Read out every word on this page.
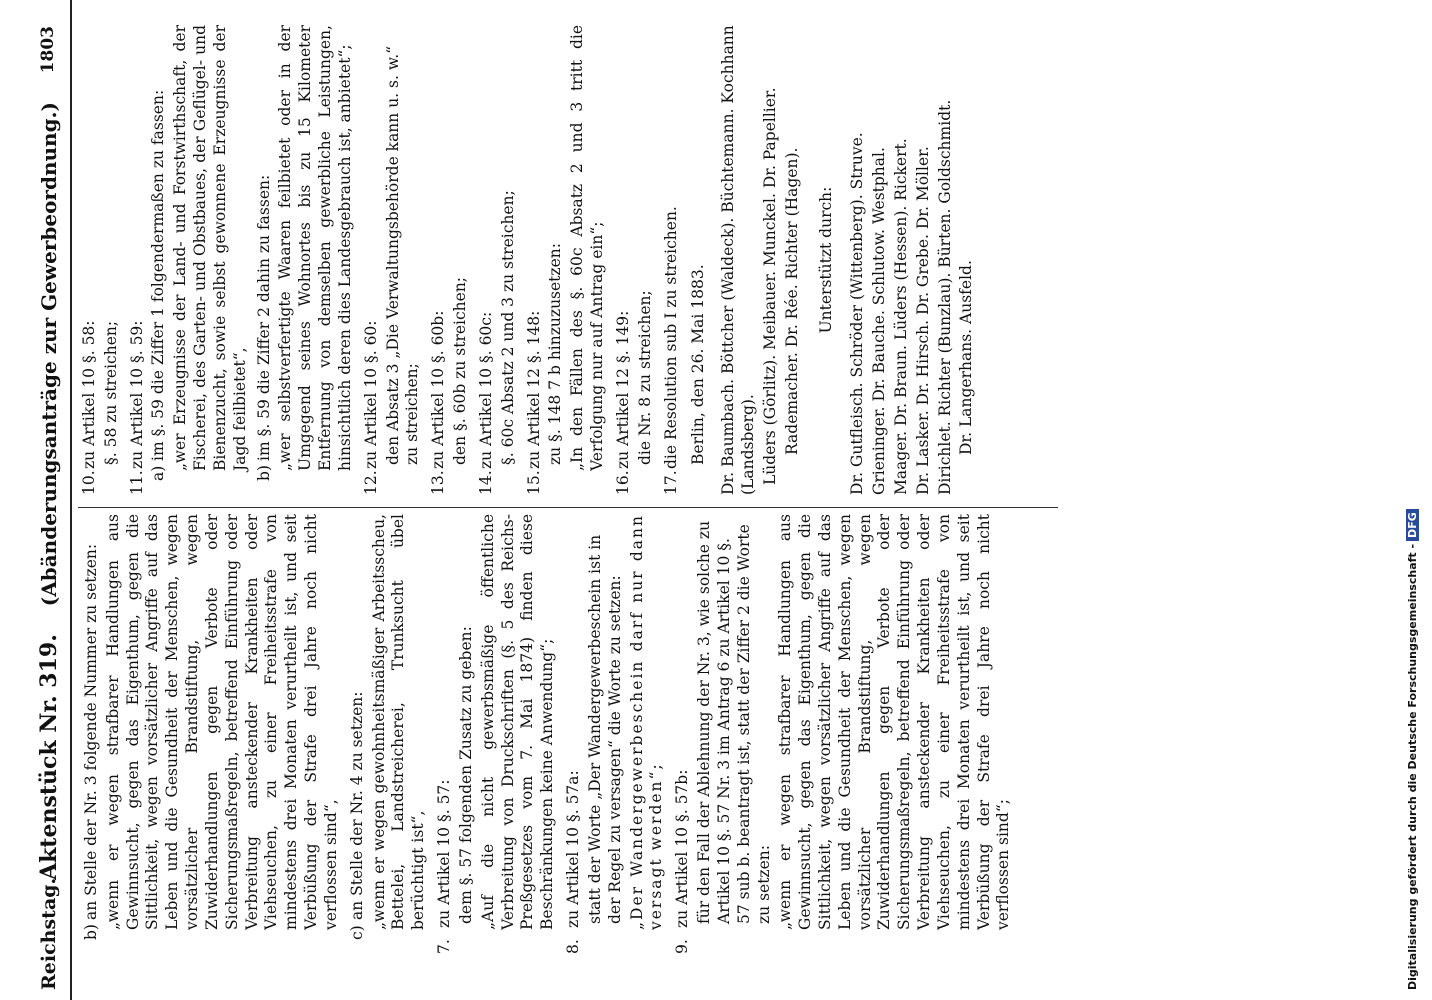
Reichstag.
Aktenstück Nr. 319.    (Abänderungsanträge zur Gewerbeordnung.)
1803
b)an Stelle der Nr. 3 folgende Nummer zu setzen: „wenn er wegen strafbarer Handlungen aus Gewinnsucht, gegen das Eigenthum, gegen die Sittlichkeit, wegen vorsätzlicher Angriffe auf das Leben und die Gesundheit der Menschen, wegen vorsätzlicher Brandstiftung, wegen Zuwiderhandlungen gegen Verbote oder Sicherungsmaßregeln, betreffend Einführung oder Verbreitung ansteckender Krankheiten oder Viehseuchen, zu einer Freiheitsstrafe von mindestens drei Monaten verurtheilt ist, und seit Verbüßung der Strafe drei Jahre noch nicht verflossen sind“,
c)an Stelle der Nr. 4 zu setzen: „wenn er wegen gewohnheitsmäßiger Arbeitsscheu, Bettelei, Landstreicherei, Trunksucht übel berüchtigt ist“,
7.zu Artikel 10 §. 57: dem §. 57 folgenden Zusatz zu geben: „Auf die nicht gewerbsmäßige öffentliche Verbreitung von Druckschriften (§. 5 des Reichs-Preßgesetzes vom 7. Mai 1874) finden diese Beschränkungen keine Anwendung“;
8.zu Artikel 10 §. 57a: statt der Worte „Der Wandergewerbeschein ist in der Regel zu versagen“ die Worte zu setzen: „Der Wandergewerbeschein darf nur dann versagt werden“;
9.zu Artikel 10 §. 57b: für den Fall der Ablehnung der Nr. 3, wie solche zu Artikel 10 §. 57 Nr. 3 im Antrag 6 zu Artikel 10 §. 57 sub b. beantragt ist, statt der Ziffer 2 die Worte zu setzen: „wenn er wegen strafbarer Handlungen aus Gewinnsucht, gegen das Eigenthum, gegen die Sittlichkeit, wegen vorsätzlicher Angriffe auf das Leben und die Gesundheit der Menschen, wegen vorsätzlicher Brandstiftung, wegen Zuwiderhandlungen gegen Verbote oder Sicherungsmaßregeln, betreffend Einführung oder Verbreitung ansteckender Krankheiten oder Viehseuchen, zu einer Freiheitsstrafe von mindestens drei Monaten verurtheilt ist, und seit Verbüßung der Strafe drei Jahre noch nicht verflossen sind“;
10.zu Artikel 10 §. 58: §. 58 zu streichen;
11.zu Artikel 10 §. 59:
a)im §. 59 die Ziffer 1 folgendermaßen zu fassen: „wer Erzeugnisse der Land- und Forstwirthschaft, der Fischerei, des Garten- und Obstbaues, der Geflügel- und Bienenzucht, sowie selbst gewonnene Erzeugnisse der Jagd feilbietet“,
b)im §. 59 die Ziffer 2 dahin zu fassen: „wer selbstverfertigte Waaren feilbietet oder in der Umgegend seines Wohnortes bis zu 15 Kilometer Entfernung von demselben gewerbliche Leistungen, hinsichtlich deren dies Landesgebrauch ist, anbietet“;
12.zu Artikel 10 §. 60: den Absatz 3 „Die Verwaltungsbehörde kann u. s. w.“ zu streichen;
13.zu Artikel 10 §. 60b: den §. 60b zu streichen;
14.zu Artikel 10 §. 60c: §. 60c Absatz 2 und 3 zu streichen;
15.zu Artikel 12 §. 148: zu §. 148 7 b hinzuzusetzen: „In den Fällen des §. 60c Absatz 2 und 3 tritt die Verfolgung nur auf Antrag ein“;
16.zu Artikel 12 §. 149: die Nr. 8 zu streichen;
17.die Resolution sub I zu streichen. Berlin, den 26. Mai 1883. Dr. Baumbach. Böttcher (Waldeck). Büchtemann. Kochhann (Landsberg). Lüders (Görlitz). Meibauer. Munckel. Dr. Papellier. Rademacher. Dr. Rée. Richter (Hagen). Unterstützt durch: Dr. Gutfleisch. Schröder (Wittenberg). Struve. Grieninger. Dr. Bauche. Schlutow. Westphal. Maager. Dr. Braun. Lüders (Hessen). Rickert. Dr. Lasker. Dr. Hirsch. Dr. Grebe. Dr. Möller. Dirichlet. Richter (Bunzlau). Bürten. Goldschmidt. Dr. Langerhans. Ausfeld.
Digitalisierung gefördert durch die Deutsche Forschungsgemeinschaft -DFG
